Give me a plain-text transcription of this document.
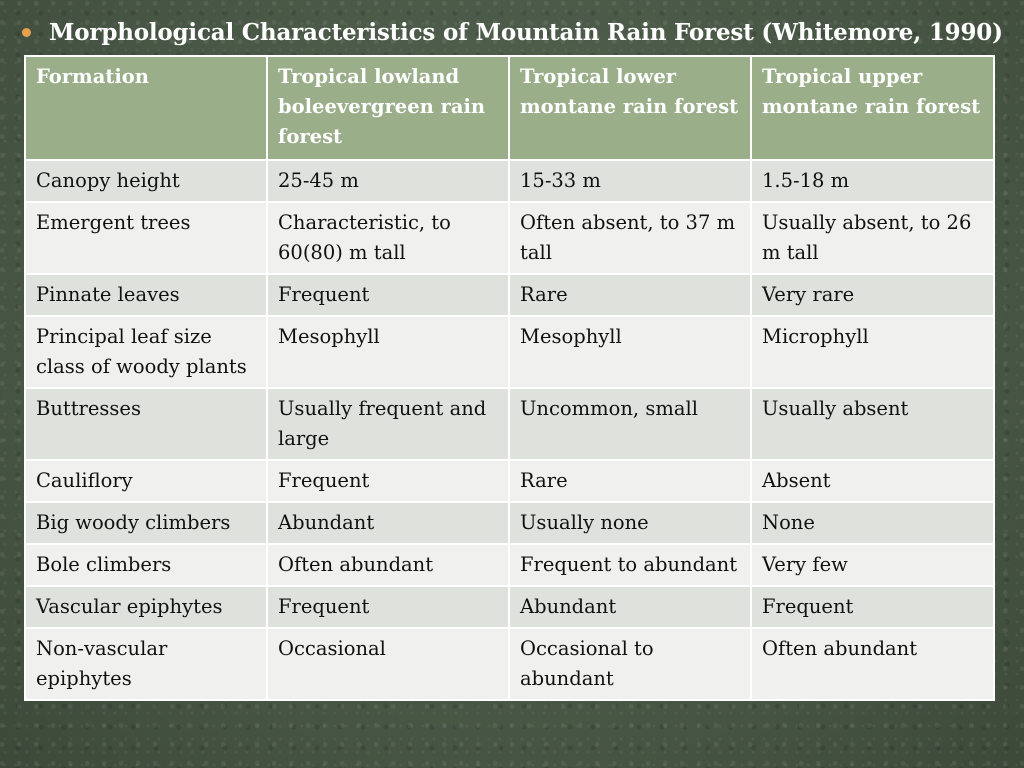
Morphological Characteristics of Mountain Rain Forest (Whitemore, 1990)
Formation	Tropical lowland boleevergreen rain forest	Tropical lower montane rain forest	Tropical upper montane rain forest
Canopy height	25-45 m	15-33 m	1.5-18 m
Emergent trees	Characteristic, to 60(80) m tall	Often absent, to 37 m tall	Usually absent, to 26 m tall
Pinnate leaves	Frequent	Rare	Very rare
Principal leaf size class of woody plants	Mesophyll	Mesophyll	Microphyll
Buttresses	Usually frequent and large	Uncommon, small	Usually absent
Cauliflory	Frequent	Rare	Absent
Big woody climbers	Abundant	Usually none	None
Bole climbers	Often abundant	Frequent to abundant	Very few
Vascular epiphytes	Frequent	Abundant	Frequent
Non-vascular epiphytes	Occasional	Occasional to abundant	Often abundant
